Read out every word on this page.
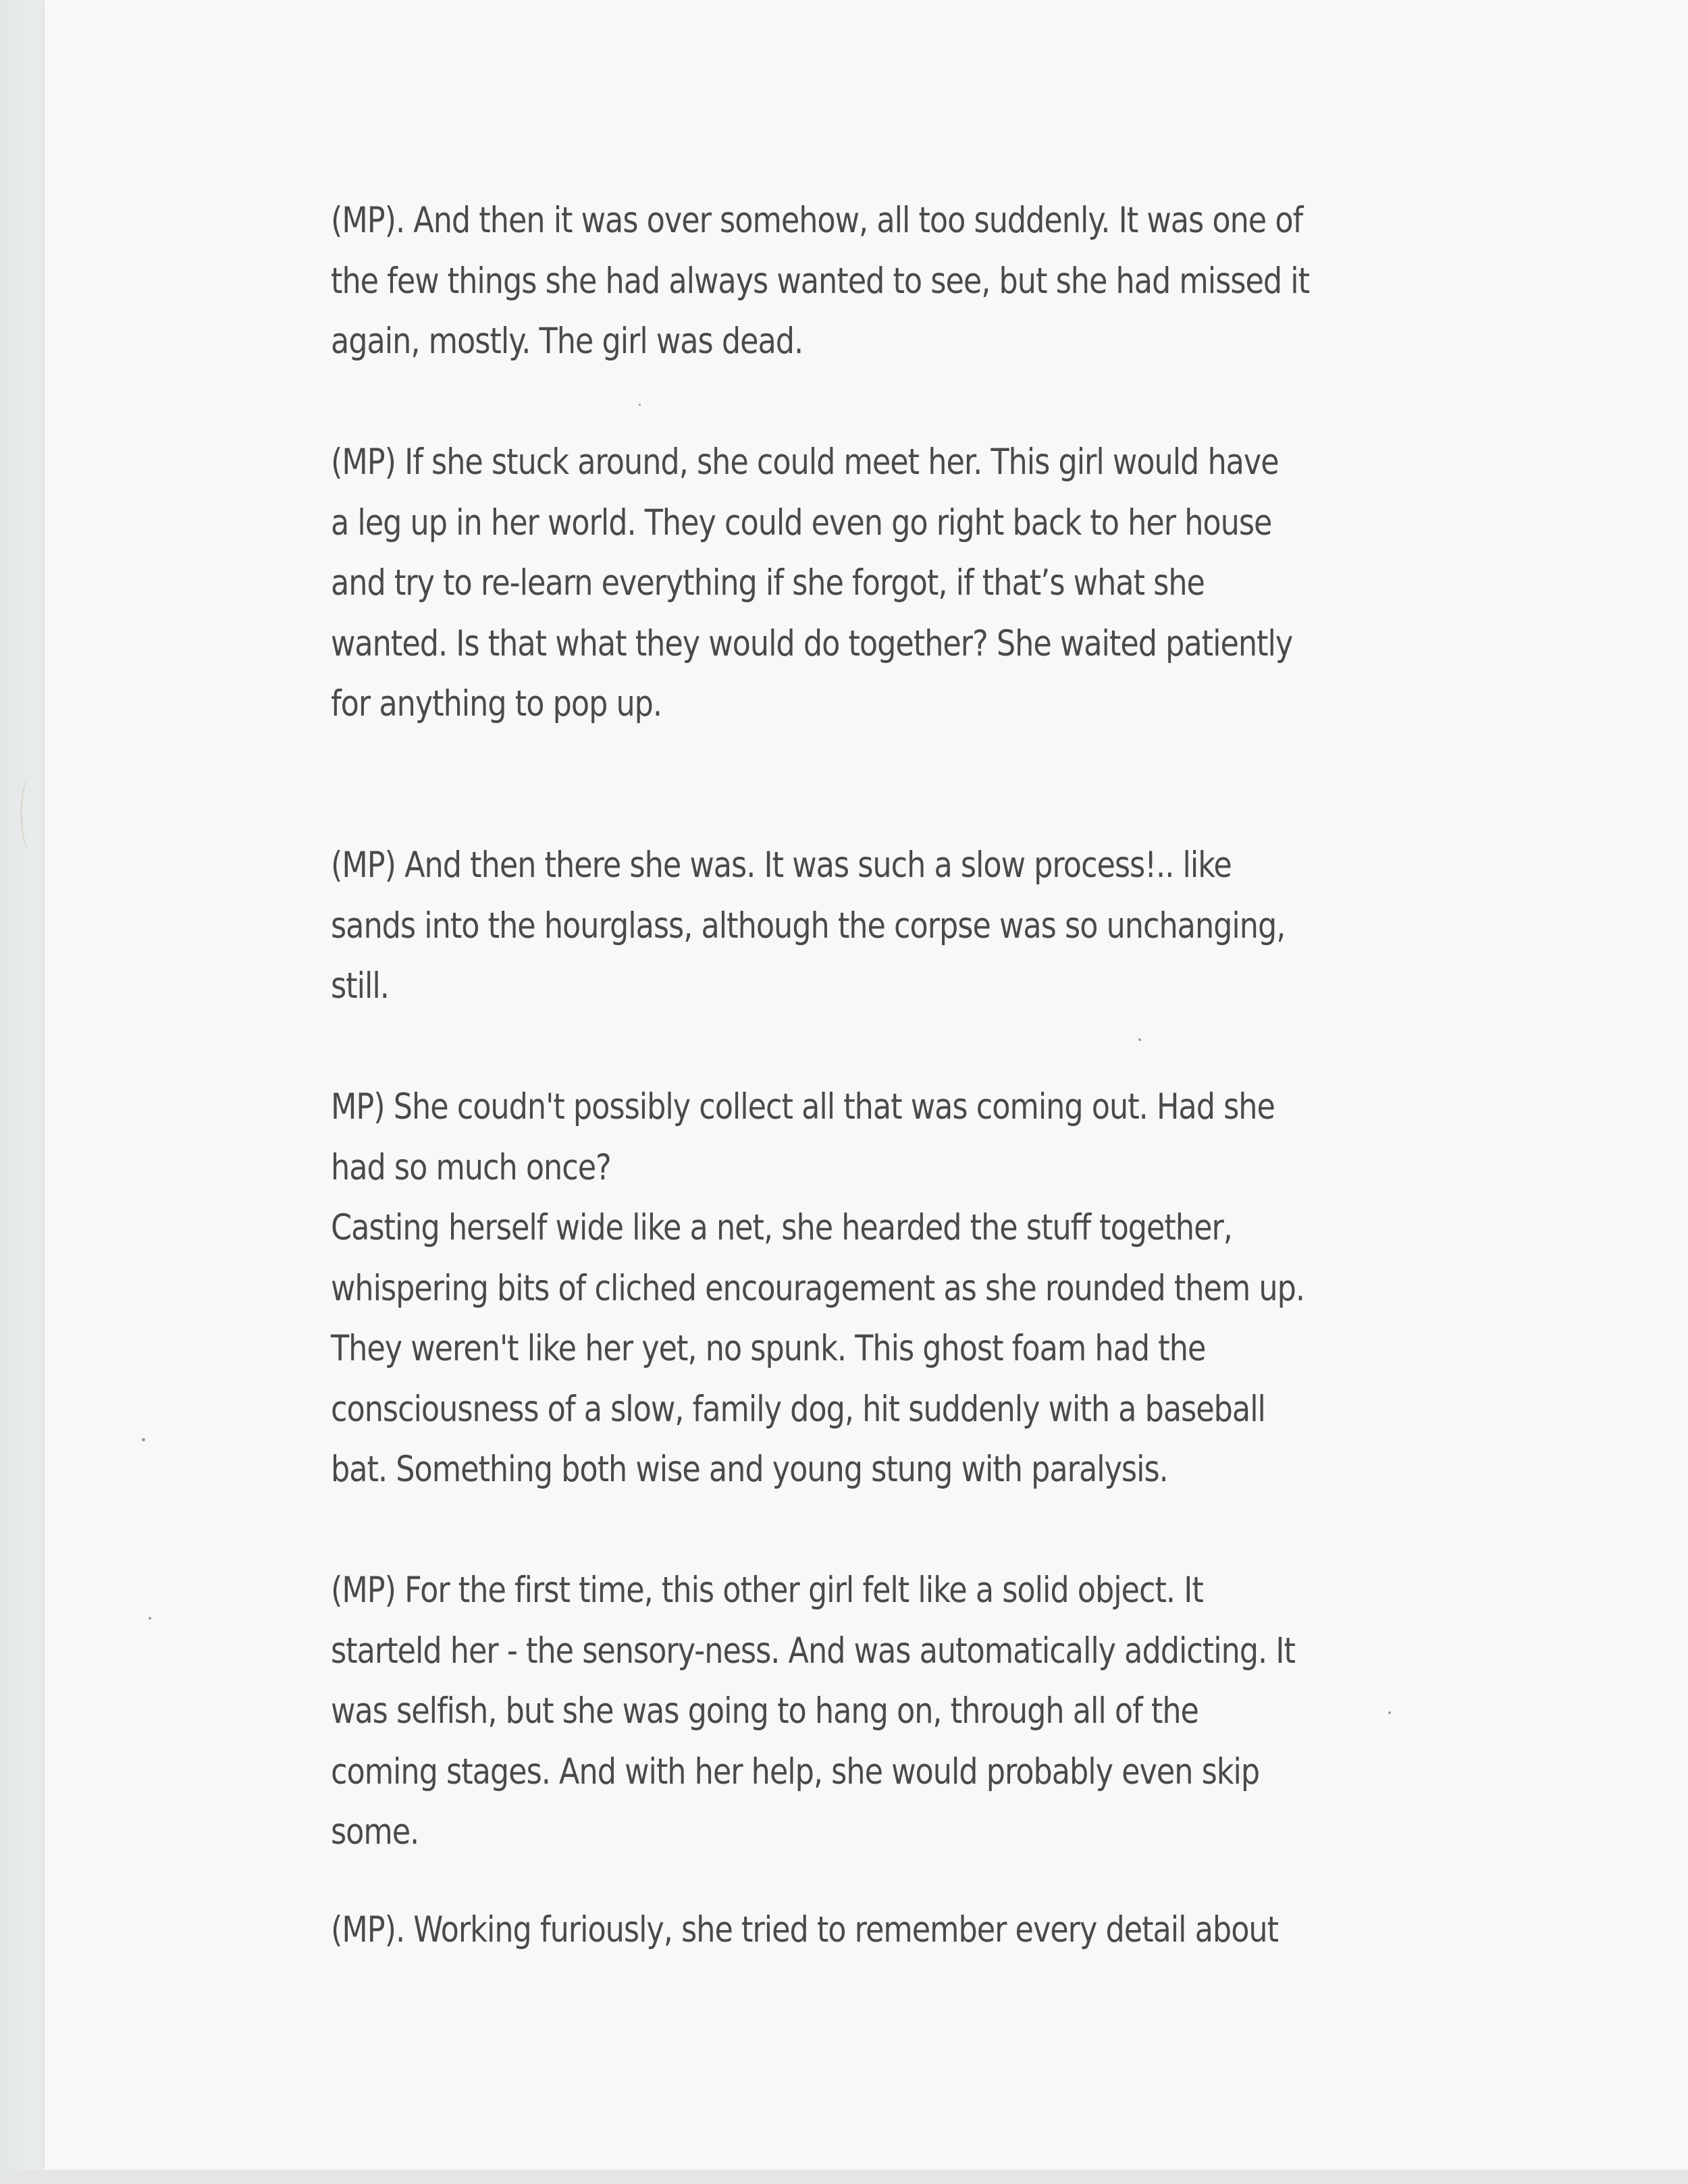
(MP). And then it was over somehow, all too suddenly. It was one of
the few things she had always wanted to see, but she had missed it
again, mostly. The girl was dead.

(MP) If she stuck around, she could meet her. This girl would have
a leg up in her world. They could even go right back to her house
and try to re-learn everything if she forgot, if that’s what she
wanted. Is that what they would do together? She waited patiently
for anything to pop up.

(MP) And then there she was. It was such a slow process!.. like
sands into the hourglass, although the corpse was so unchanging,
still.

MP) She coudn't possibly collect all that was coming out. Had she
had so much once?
Casting herself wide like a net, she hearded the stuff together,
whispering bits of cliched encouragement as she rounded them up.
They weren't like her yet, no spunk. This ghost foam had the
consciousness of a slow, family dog, hit suddenly with a baseball
bat. Something both wise and young stung with paralysis.

(MP) For the first time, this other girl felt like a solid object. It
starteld her - the sensory-ness. And was automatically addicting. It
was selfish, but she was going to hang on, through all of the
coming stages. And with her help, she would probably even skip
some.

(MP). Working furiously, she tried to remember every detail about
